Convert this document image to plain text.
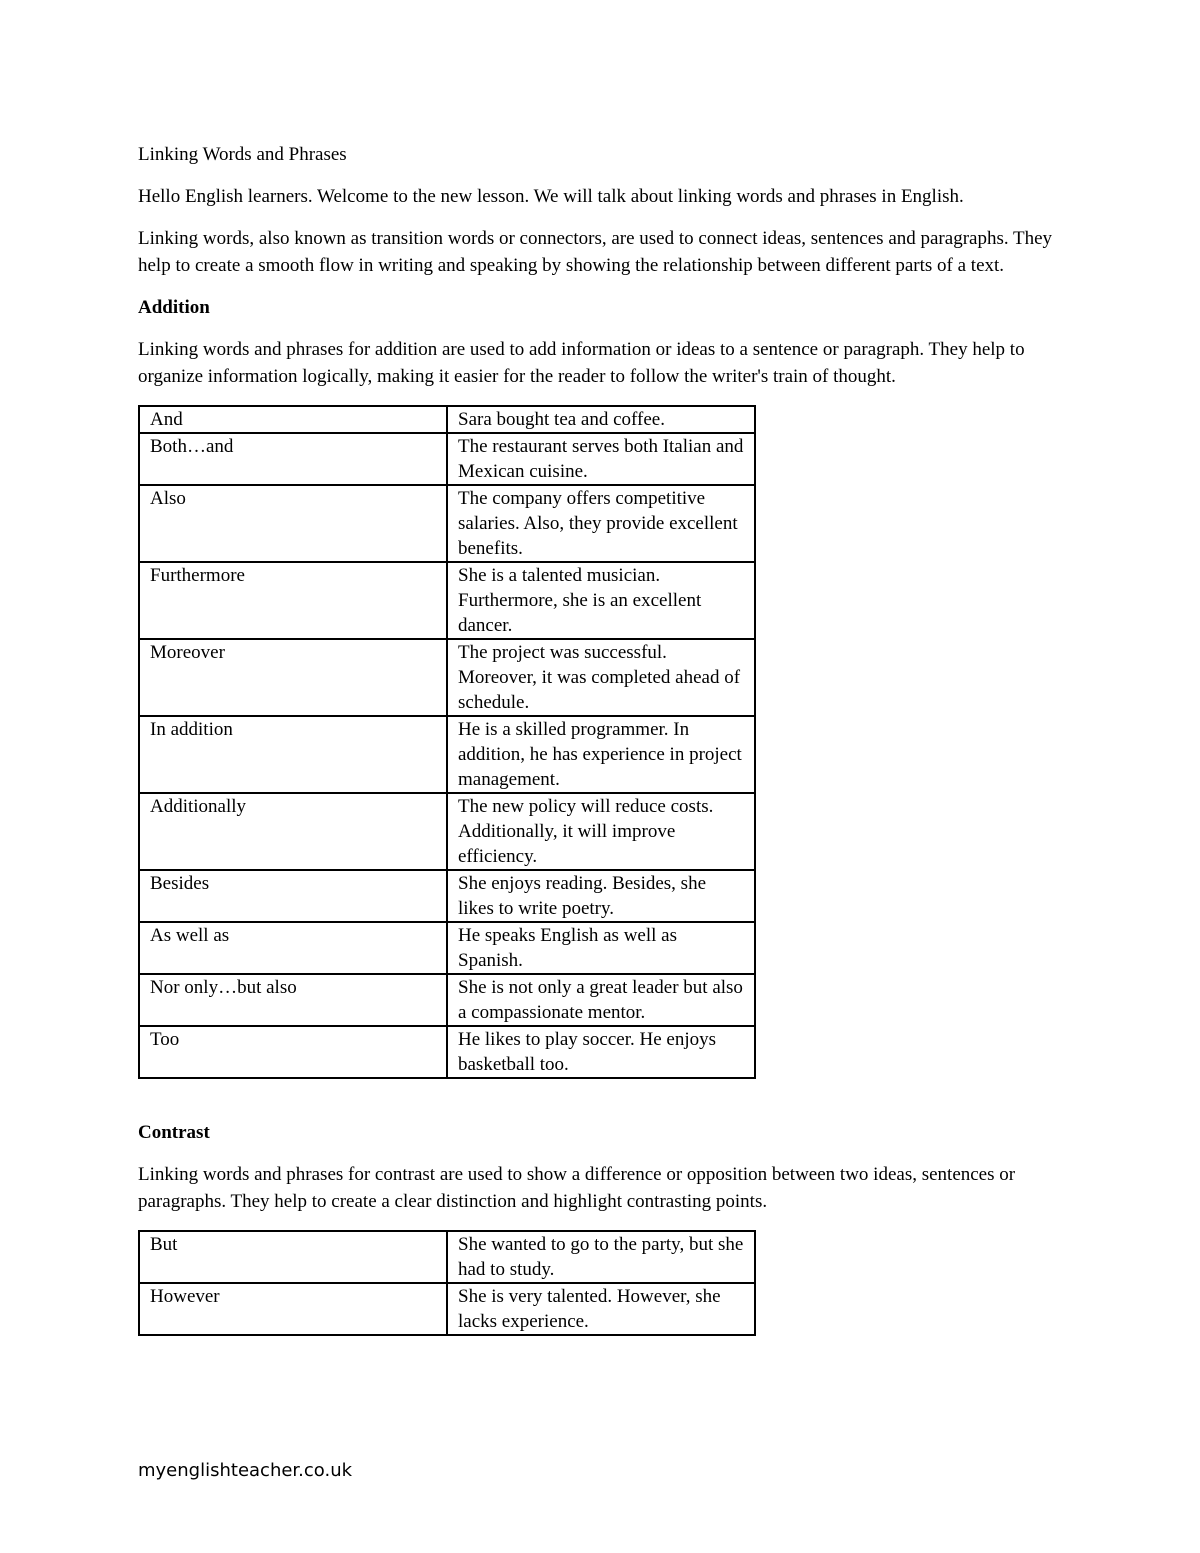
Linking Words and Phrases

Hello English learners. Welcome to the new lesson. We will talk about linking words and phrases in English.

Linking words, also known as transition words or connectors, are used to connect ideas, sentences and paragraphs. They help to create a smooth flow in writing and speaking by showing the relationship between different parts of a text.

Addition

Linking words and phrases for addition are used to add information or ideas to a sentence or paragraph. They help to organize information logically, making it easier for the reader to follow the writer's train of thought.

And	Sara bought tea and coffee.
Both…and	The restaurant serves both Italian and Mexican cuisine.
Also	The company offers competitive salaries. Also, they provide excellent benefits.
Furthermore	She is a talented musician. Furthermore, she is an excellent dancer.
Moreover	The project was successful. Moreover, it was completed ahead of schedule.
In addition	He is a skilled programmer. In addition, he has experience in project management.
Additionally	The new policy will reduce costs. Additionally, it will improve efficiency.
Besides	She enjoys reading. Besides, she likes to write poetry.
As well as	He speaks English as well as Spanish.
Nor only…but also	She is not only a great leader but also a compassionate mentor.
Too	He likes to play soccer. He enjoys basketball too.
Contrast

Linking words and phrases for contrast are used to show a difference or opposition between two ideas, sentences or paragraphs. They help to create a clear distinction and highlight contrasting points.

But	She wanted to go to the party, but she had to study.
However	She is very talented. However, she lacks experience.
myenglishteacher.co.uk
